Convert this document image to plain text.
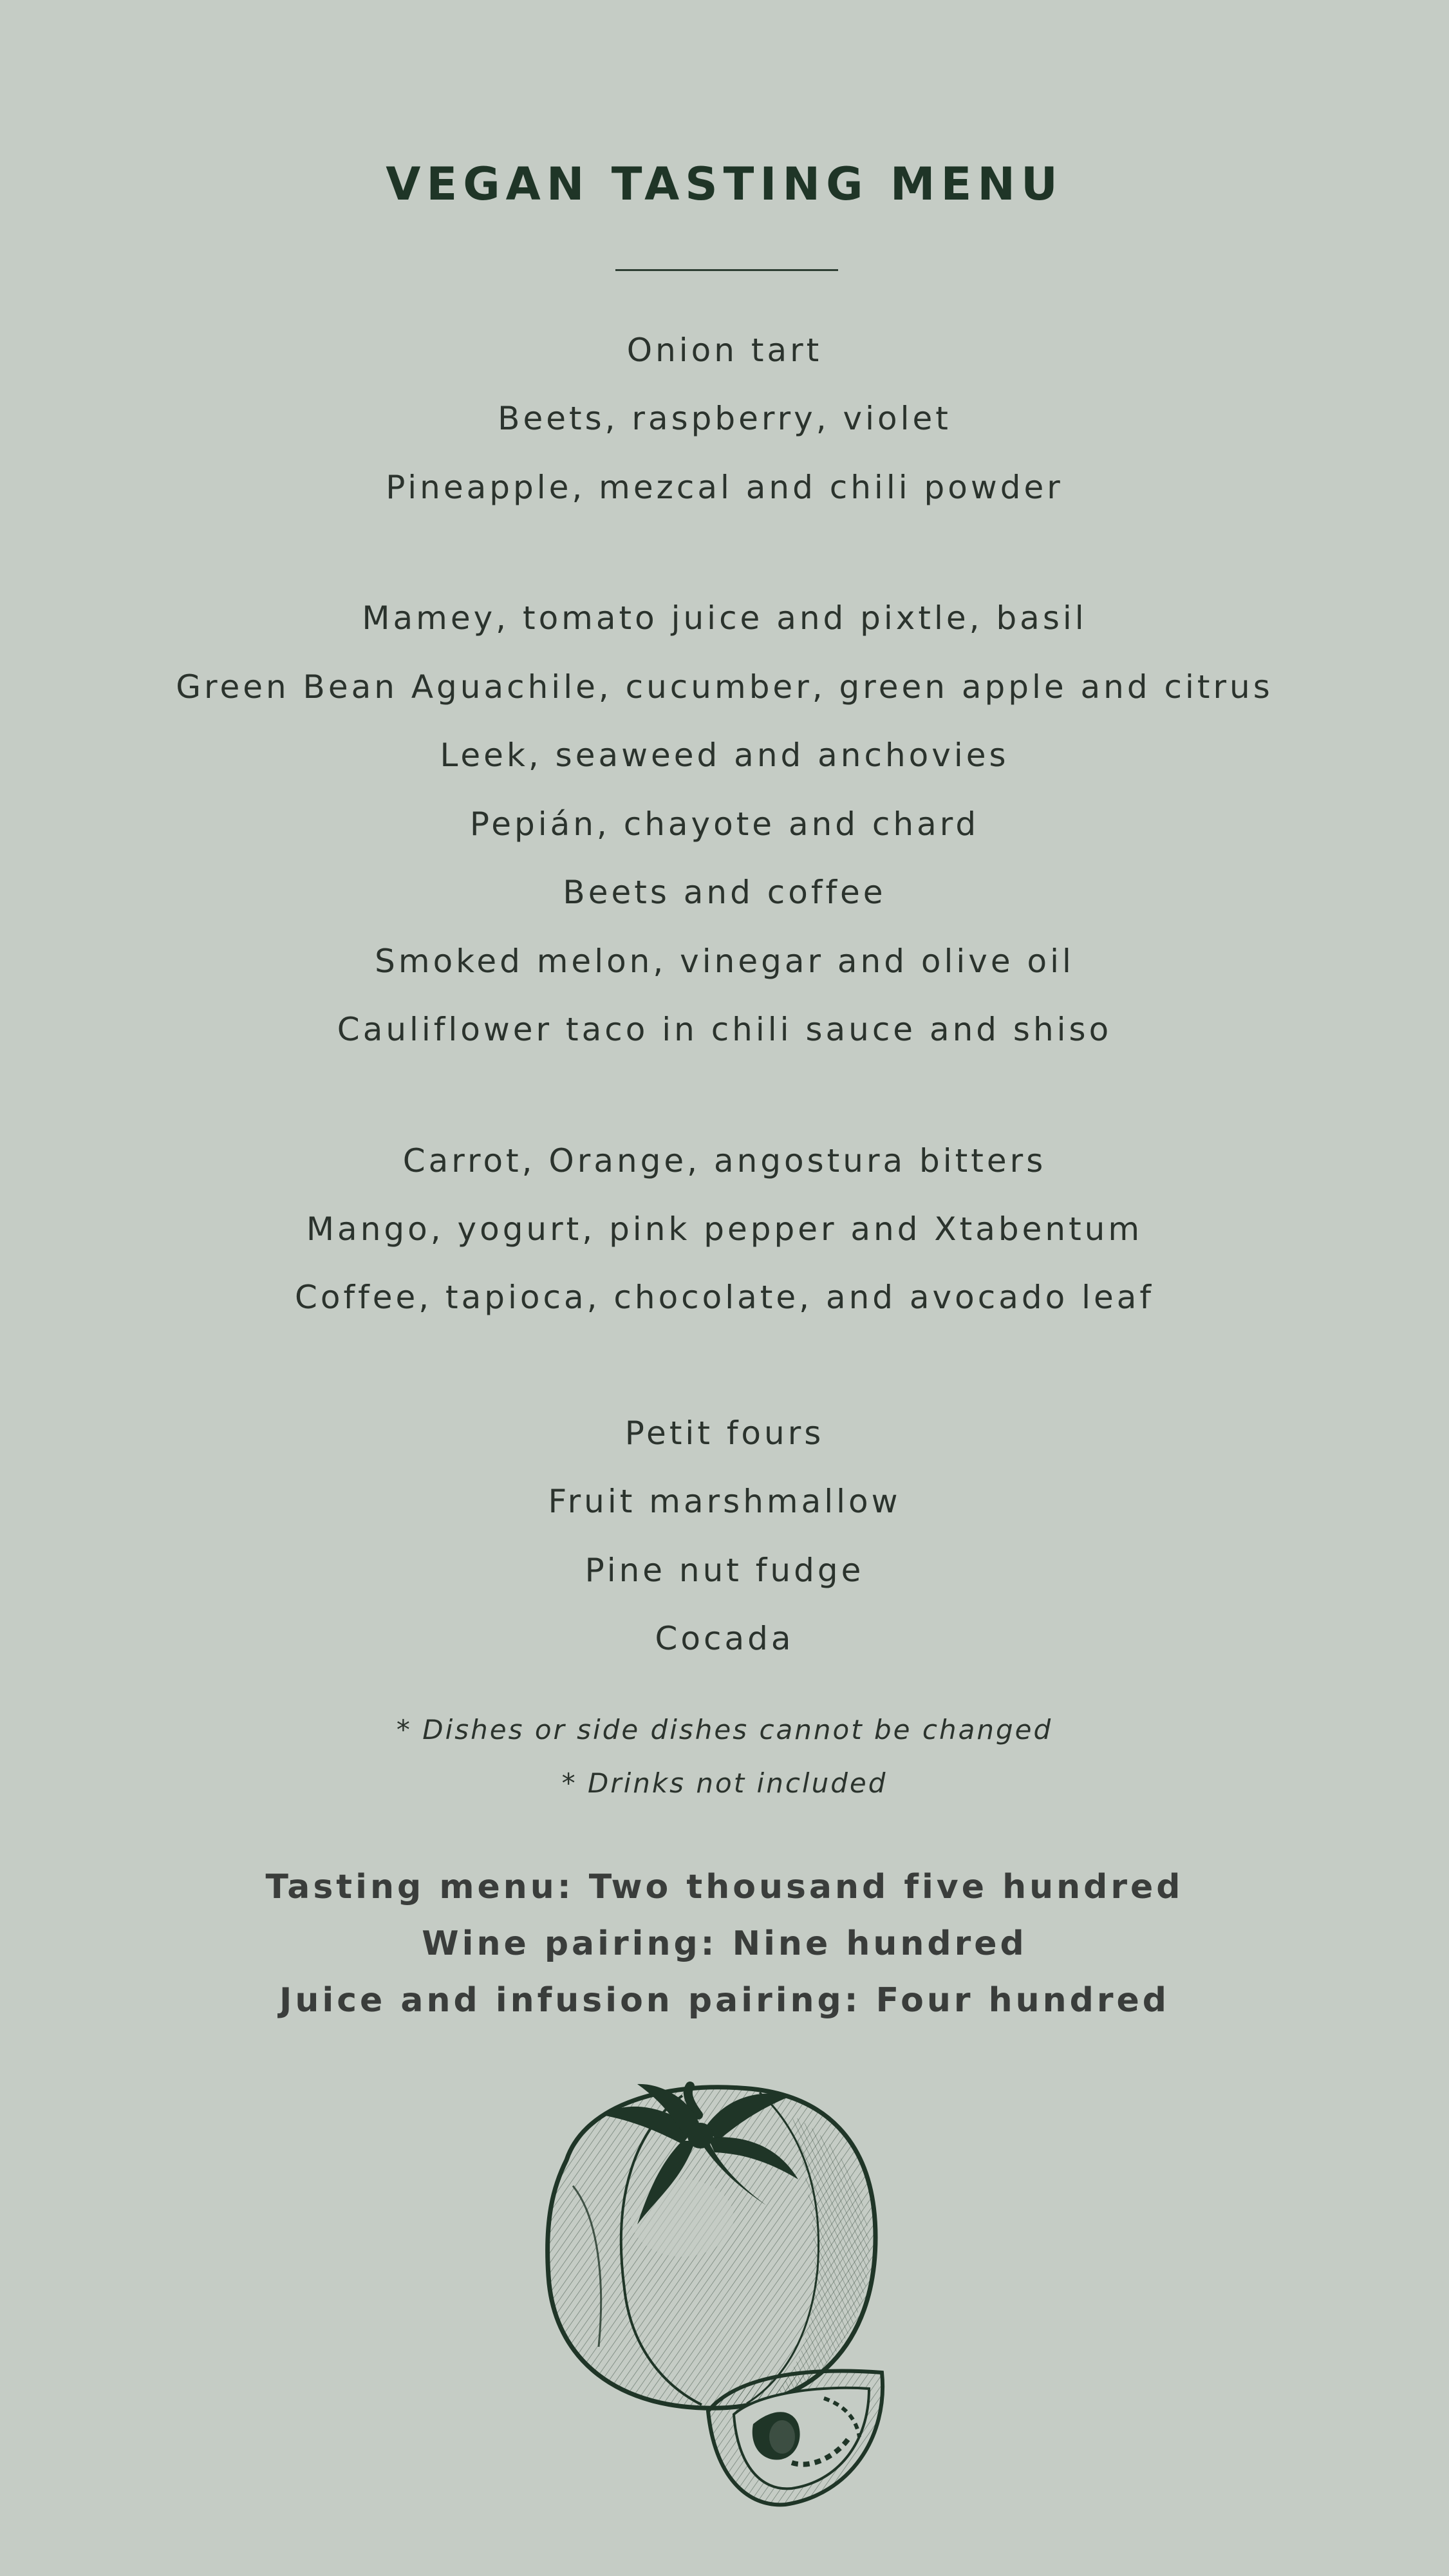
VEGAN TASTING MENU
Onion tart
Beets, raspberry, violet
Pineapple, mezcal and chili powder
Mamey, tomato juice and pixtle, basil
Green Bean Aguachile, cucumber, green apple and citrus
Leek, seaweed and anchovies
Pepián, chayote and chard
Beets and coffee
Smoked melon, vinegar and olive oil
Cauliflower taco in chili sauce and shiso
Carrot, Orange, angostura bitters
Mango, yogurt, pink pepper and Xtabentum
Coffee, tapioca, chocolate, and avocado leaf
Petit fours
Fruit marshmallow
Pine nut fudge
Cocada
* Dishes or side dishes cannot be changed
* Drinks not included
Tasting menu: Two thousand five hundred
Wine pairing: Nine hundred
Juice and infusion pairing: Four hundred
